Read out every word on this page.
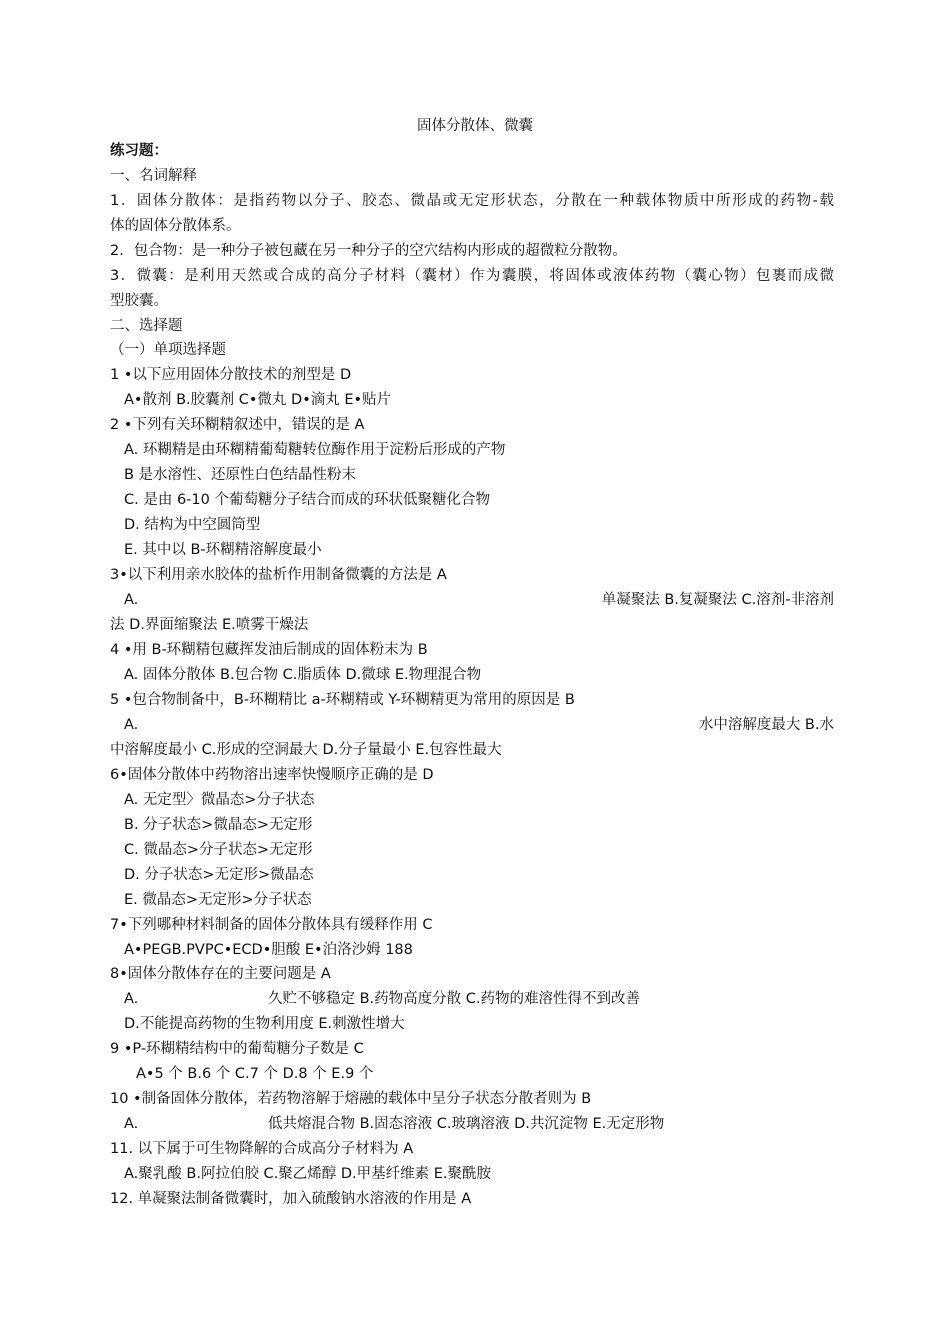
固体分散体、微囊
练习题：
一、名词解释
1．固体分散体：是指药物以分子、胶态、微晶或无定形状态，分散在一种载体物质中所形成的药物-载
体的固体分散体系。
2．包合物：是一种分子被包藏在另一种分子的空穴结构内形成的超微粒分散物。
3．微囊：是利用天然或合成的高分子材料（囊材）作为囊膜，将固体或液体药物（囊心物）包裹而成微
型胶囊。
二、选择题
（一）单项选择题
1 •以下应用固体分散技术的剂型是 D
A•散剂 B.胶囊剂 C•微丸 D•滴丸 E•贴片
2 •下列有关环糊精叙述中，错误的是 A
A. 环糊精是由环糊精葡萄糖转位酶作用于淀粉后形成的产物
B 是水溶性、还原性白色结晶性粉末
C. 是由 6-10 个葡萄糖分子结合而成的环状低聚糖化合物
D. 结构为中空圆筒型
E. 其中以 B-环糊精溶解度最小
3•以下利用亲水胶体的盐析作用制备微囊的方法是 A
A.	单凝聚法 B.复凝聚法 C.溶剂-非溶剂
法 D.界面缩聚法 E.喷雾干燥法
4 •用 B-环糊精包藏挥发油后制成的固体粉末为 B
A. 固体分散体 B.包合物 C.脂质体 D.微球 E.物理混合物
5 •包合物制备中，B-环糊精比 a-环糊精或 Y-环糊精更为常用的原因是 B
A.	水中溶解度最大 B.水
中溶解度最小 C.形成的空洞最大 D.分子量最小 E.包容性最大
6•固体分散体中药物溶出速率快慢顺序正确的是 D
A. 无定型〉微晶态>分子状态
B. 分子状态>微晶态>无定形
C. 微晶态>分子状态>无定形
D. 分子状态>无定形>微晶态
E. 微晶态>无定形>分子状态
7•下列哪种材料制备的固体分散体具有缓释作用 C
A•PEGB.PVPC•ECD•胆酸 E•泊洛沙姆 188
8•固体分散体存在的主要问题是 A
A.	久贮不够稳定 B.药物高度分散 C.药物的难溶性得不到改善
D.不能提高药物的生物利用度 E.刺激性增大
9 •P-环糊精结构中的葡萄糖分子数是 C
A•5 个 B.6 个 C.7 个 D.8 个 E.9 个
10 •制备固体分散体，若药物溶解于熔融的载体中呈分子状态分散者则为 B
A.	低共熔混合物 B.固态溶液 C.玻璃溶液 D.共沉淀物 E.无定形物
11. 以下属于可生物降解的合成高分子材料为 A
A.聚乳酸 B.阿拉伯胶 C.聚乙烯醇 D.甲基纤维素 E.聚酰胺
12. 单凝聚法制备微囊时，加入硫酸钠水溶液的作用是 A
